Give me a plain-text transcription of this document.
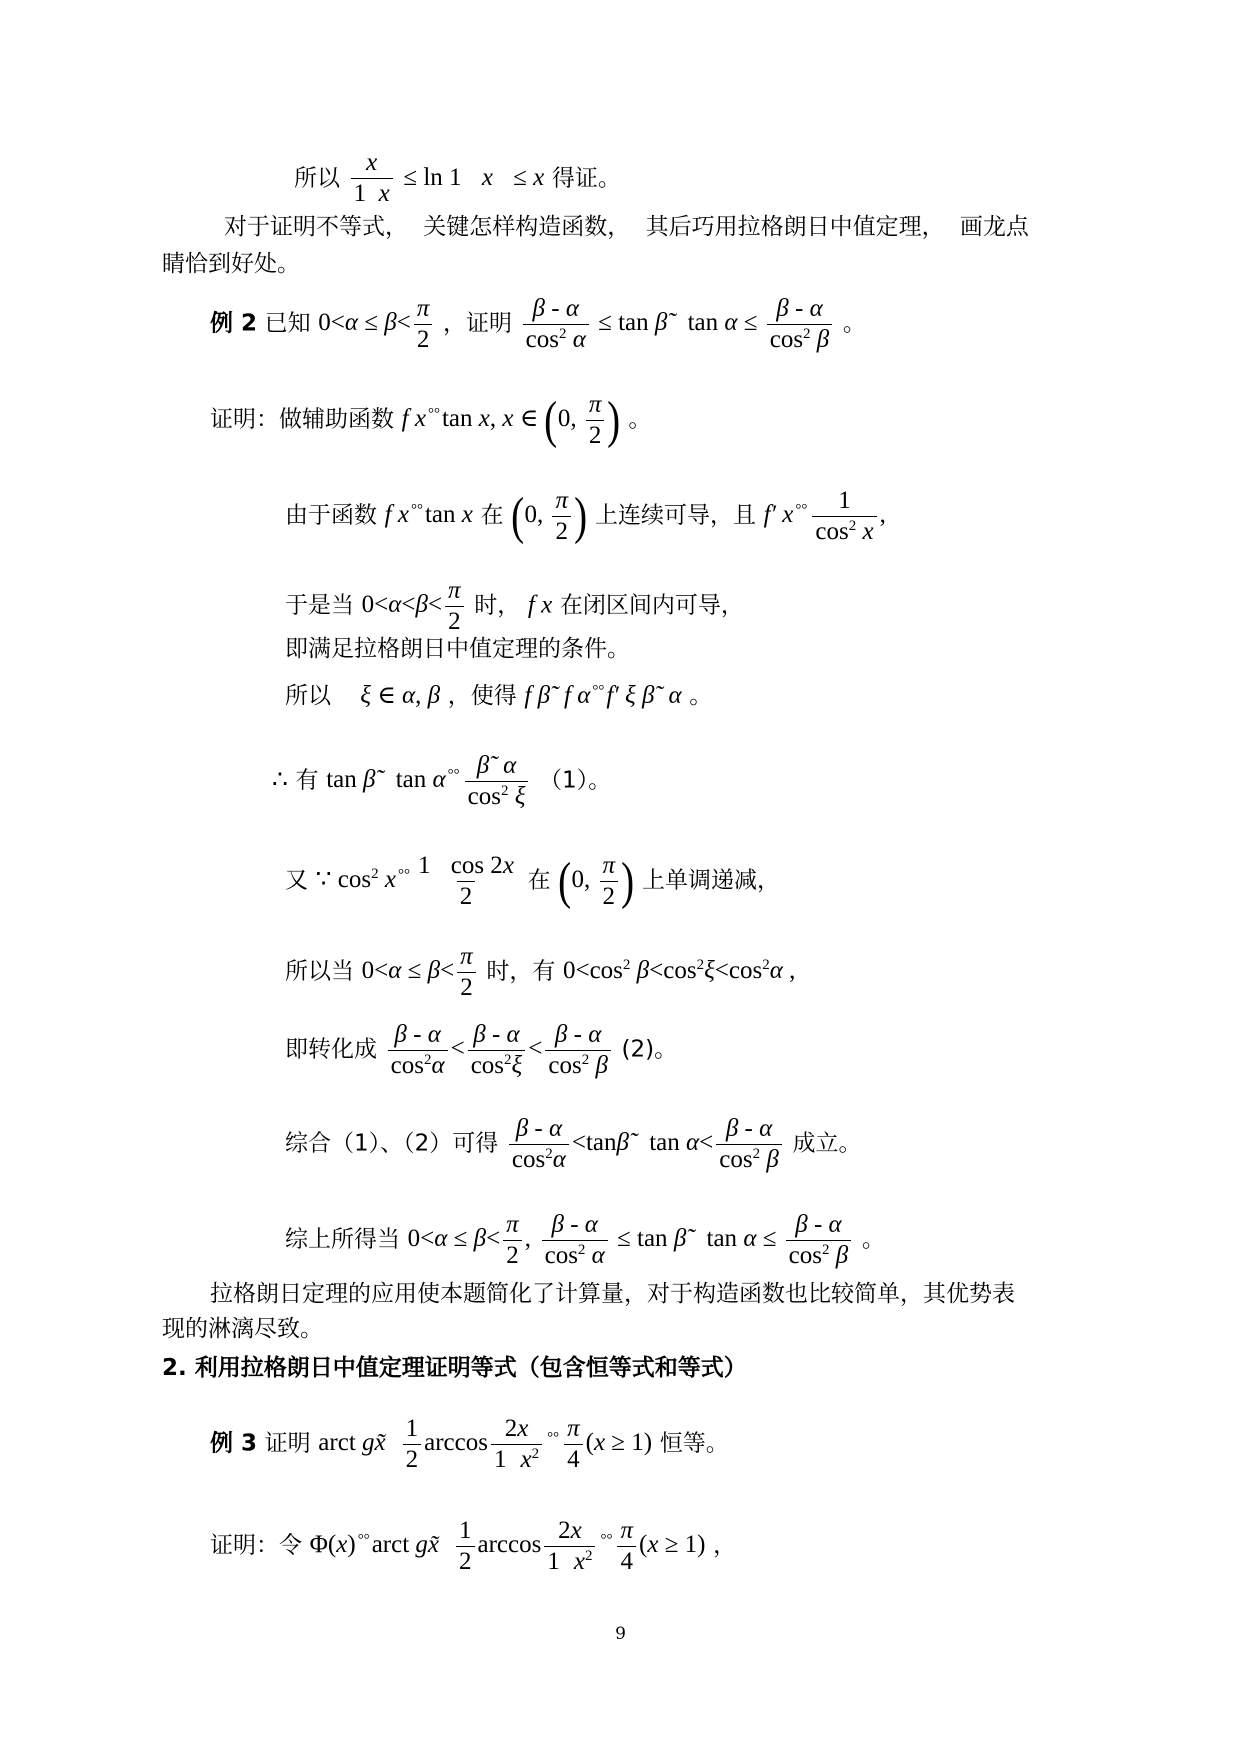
所以 $\frac{x}{1 x} \le \ln 1$ x ≤ x 得证。
对于证明不等式， 关键怎样构造函数， 其后巧用拉格朗日中值定理， 画龙点
睛恰到好处。
例 2 已知 $0<\alpha \le \beta< \frac{\pi}{2}$ ，证明 $\frac{\beta - \alpha}{\cos^2 \alpha} \le \tan$ β̃ $\tan \alpha \le \frac{\beta - \alpha}{\cos^2 \beta}$ 。
证明：做辅助函数 f x °°tan x, x ∈ (0, $\frac{\pi}{2}$ ) 。
由于函数 f x °°tan x 在 (0, $\frac{\pi}{2}$ ) 上连续可导，且 f′ x $^{^\circ^\circ} \frac{1}{\cos^2 x}$ ,
于是当 $0<\alpha<\beta< \frac{\pi}{2}$ 时， f x 在闭区间内可导，
即满足拉格朗日中值定理的条件。
所以 ξ ∈ α, β ，使得 f β̃ f α °°f′ ξ β̃ α 。
∴ 有 tan β̃ tan α $^{^\circ^\circ} \frac{\betã \alpha}{\cos^2 \xi} (1)$。
又 ∵ $\cos^2 x$ $^{^\circ^\circ} \frac{1 \cos 2x}{2}$ 在 (0, $\frac{\pi}{2}$ ) 上单调递减，
所以当 $0<\alpha \le \beta< \frac{\pi}{2}$ 时，有 $0<\cos^2$ $\beta<\cos^2\xi<\cos^2\alpha$ ,
即转化成 $\frac{\beta - \alpha}{\cos^2\alpha} < \frac{\beta - \alpha}{\cos^2\xi} < \frac{\beta - \alpha}{\cos^2 \beta} (2)$。
综合（1）、（2）可得 $\frac{\beta - \alpha}{\cos^2\alpha}$ <tanβ̃ $\tan \alpha< \frac{\beta - \alpha}{\cos^2 \beta}$ 成立。
综上所得当 $0<\alpha \le \beta< \frac{\pi}{2}$ , $\frac{\beta - \alpha}{\cos^2 \alpha} \le \tan$ β̃ $\tan \alpha \le \frac{\beta - \alpha}{\cos^2 \beta}$ 。
拉格朗日定理的应用使本题简化了计算量，对于构造函数也比较简单，其优势表
现的淋漓尽致。
2. 利用拉格朗日中值定理证明等式（包含恒等式和等式）
例 3 证明 arct gx̃ $\frac{1}{2}$ $\arccos \frac{2x}{1 x^2} ^{^\circ^\circ} \frac{\pi}{4} (x \ge 1)$ 恒等。
证明：令 Φ(x) °°arct gx̃ $\frac{1}{2}$ $\arccos \frac{2x}{1 x^2} ^{^\circ^\circ} \frac{\pi}{4} (x \ge 1)$ ，
9
